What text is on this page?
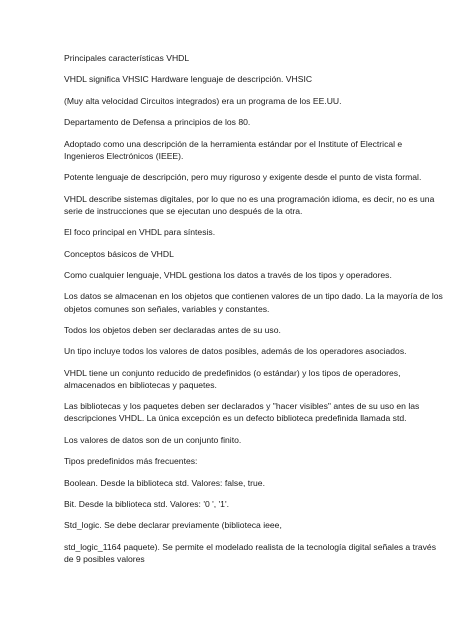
Principales características VHDL

VHDL significa VHSIC Hardware lenguaje de descripción. VHSIC

(Muy alta velocidad Circuitos integrados) era un programa de los EE.UU.

Departamento de Defensa a principios de los 80.

Adoptado como una descripción de la herramienta estándar por el Institute of Electrical e
Ingenieros Electrónicos (IEEE).

Potente lenguaje de descripción, pero muy riguroso y exigente desde el punto de vista formal.

VHDL describe sistemas digitales, por lo que no es una programación idioma, es decir, no es una
serie de instrucciones que se ejecutan uno después de la otra.

El foco principal en VHDL para síntesis.

Conceptos básicos de VHDL

Como cualquier lenguaje, VHDL gestiona los datos a través de los tipos y operadores.

Los datos se almacenan en los objetos que contienen valores de un tipo dado. La la mayoría de los
objetos comunes son señales, variables y constantes.

Todos los objetos deben ser declaradas antes de su uso.

Un tipo incluye todos los valores de datos posibles, además de los operadores asociados.

VHDL tiene un conjunto reducido de predefinidos (o estándar) y los tipos de operadores,
almacenados en bibliotecas y paquetes.

Las bibliotecas y los paquetes deben ser declarados y "hacer visibles" antes de su uso en las
descripciones VHDL. La única excepción es un defecto biblioteca predefinida llamada std.

Los valores de datos son de un conjunto finito.

Tipos predefinidos más frecuentes:

Boolean. Desde la biblioteca std. Valores: false, true.

Bit. Desde la biblioteca std. Valores: '0 ', '1'.

Std_logic. Se debe declarar previamente (biblioteca ieee,

std_logic_1164 paquete). Se permite el modelado realista de la tecnología digital señales a través
de 9 posibles valores
